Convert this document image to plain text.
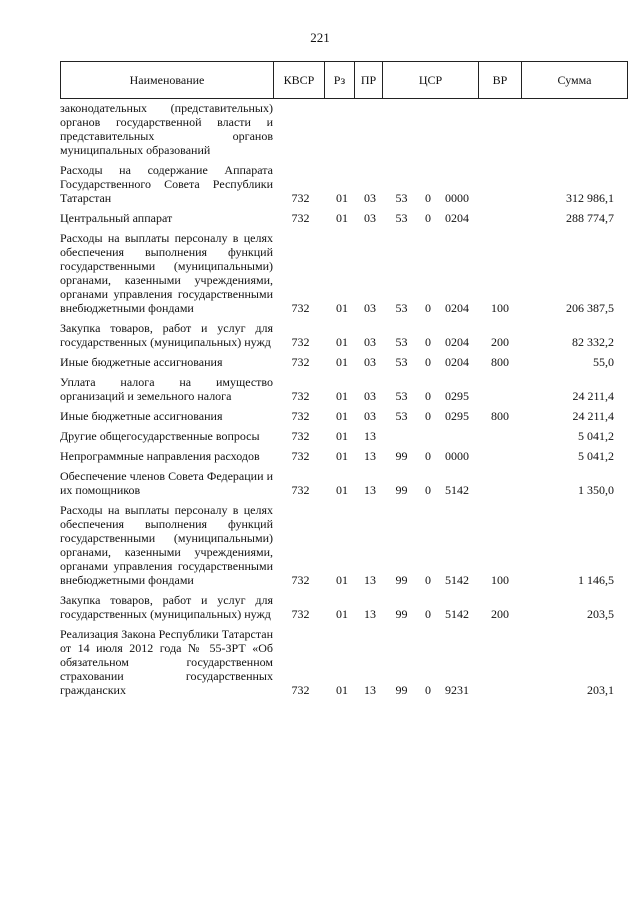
221
Наименование	КВСР	Рз	ПР	ЦСР	ВР	Сумма
законодательных (представительных) органов государственной власти и представительных органов муниципальных образований
Расходы на содержание Аппарата Государственного Совета Республики Татарстан	732	01	03	53	0	0000	312 986,1
Центральный аппарат	732	01	03	53	0	0204	288 774,7
Расходы на выплаты персоналу в целях обеспечения выполнения функций государственными (муниципальными) органами, казенными учреждениями, органами управления государственными внебюджетными фондами	732	01	03	53	0	0204	100	206 387,5
Закупка товаров, работ и услуг для государственных (муниципальных) нужд	732	01	03	53	0	0204	200	82 332,2
Иные бюджетные ассигнования	732	01	03	53	0	0204	800	55,0
Уплата налога на имущество организаций и земельного налога	732	01	03	53	0	0295	24 211,4
Иные бюджетные ассигнования	732	01	03	53	0	0295	800	24 211,4
Другие общегосударственные вопросы	732	01	13	5 041,2
Непрограммные направления расходов	732	01	13	99	0	0000	5 041,2
Обеспечение членов Совета Федерации и их помощников	732	01	13	99	0	5142	1 350,0
Расходы на выплаты персоналу в целях обеспечения выполнения функций государственными (муниципальными) органами, казенными учреждениями, органами управления государственными внебюджетными фондами	732	01	13	99	0	5142	100	1 146,5
Закупка товаров, работ и услуг для государственных (муниципальных) нужд	732	01	13	99	0	5142	200	203,5
Реализация Закона Республики Татарстан от 14 июля 2012 года № 55-ЗРТ «Об обязательном государственном страховании государственных гражданских	732	01	13	99	0	9231	203,1
